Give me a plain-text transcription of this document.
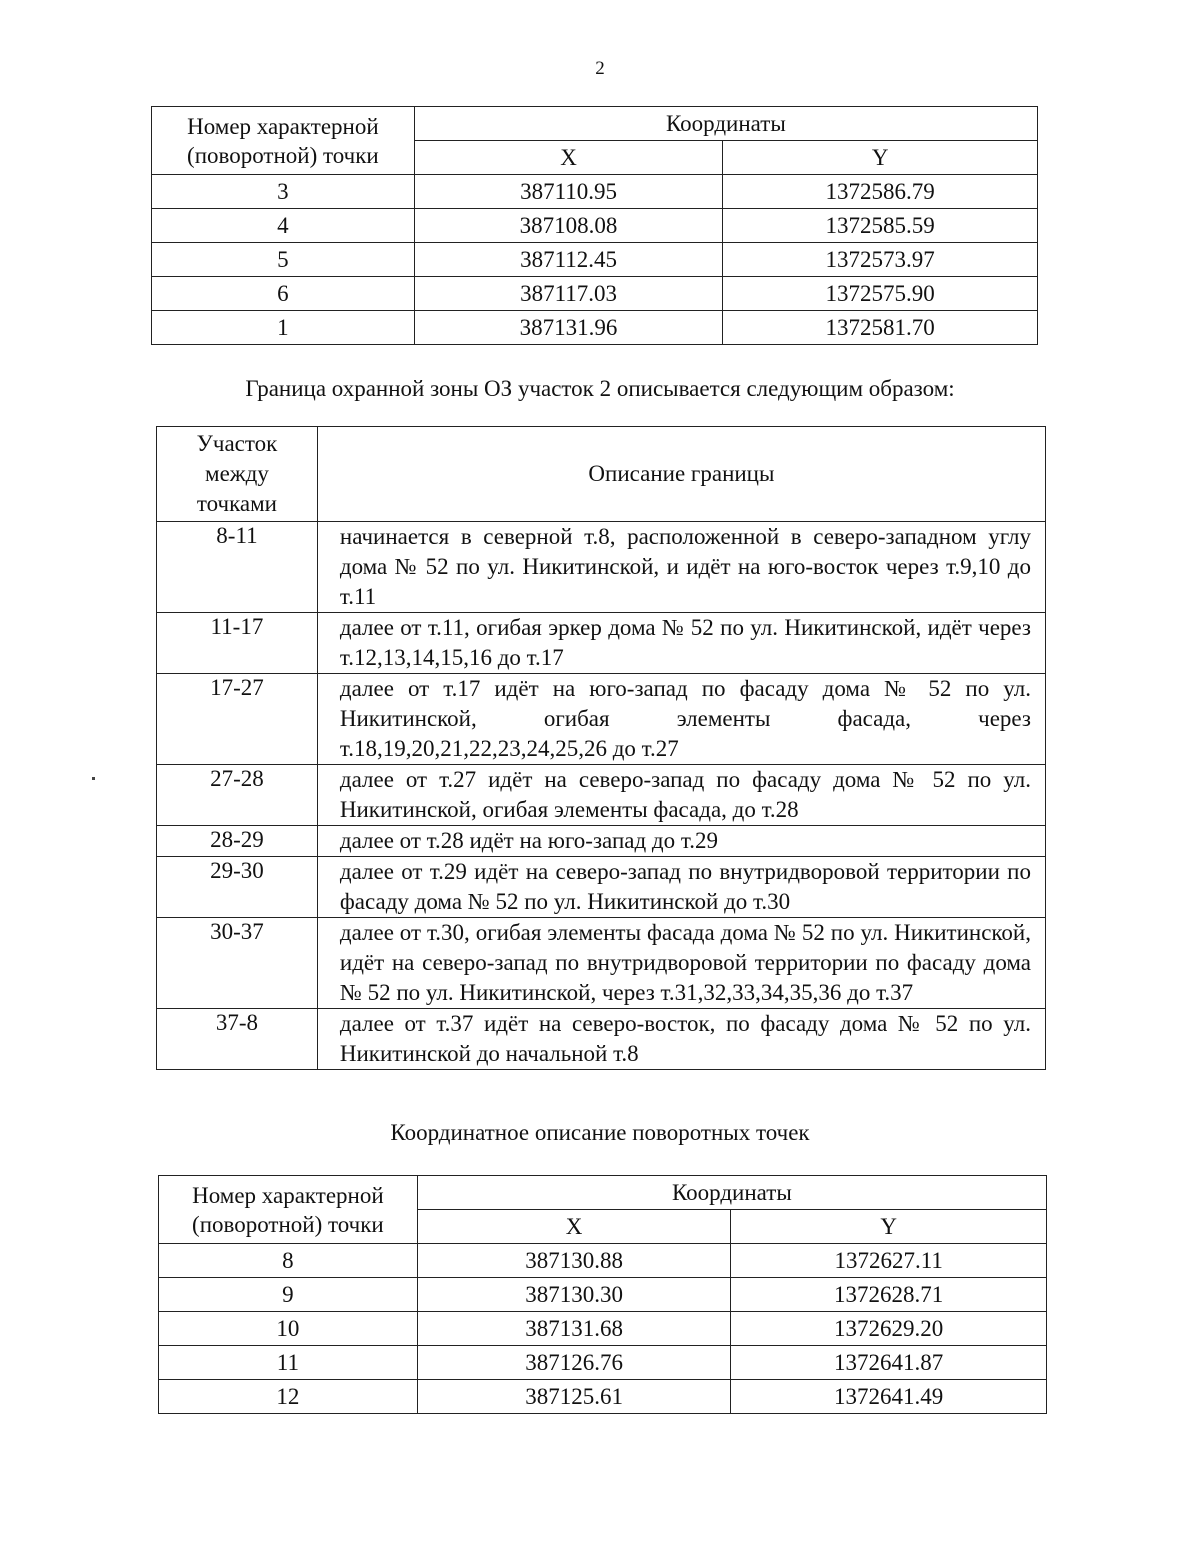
2
Номер характерной (поворотной) точки	Координаты	
	X	Y
3	387110.95	1372586.79
4	387108.08	1372585.59
5	387112.45	1372573.97
6	387117.03	1372575.90
1	387131.96	1372581.70
Граница охранной зоны ОЗ участок 2 описывается следующим образом:
Участок между точками	Описание границы
8-11	начинается в северной т.8, расположенной в северо-западном углу дома № 52 по ул. Никитинской, и идёт на юго-восток через т.9,10 до т.11
11-17	далее от т.11, огибая эркер дома № 52 по ул. Никитинской, идёт через т.12,13,14,15,16 до т.17
17-27	далее от т.17 идёт на юго-запад по фасаду дома № 52 по ул. Никитинской, огибая элементы фасада, через т.18,19,20,21,22,23,24,25,26 до т.27
27-28	далее от т.27 идёт на северо-запад по фасаду дома № 52 по ул. Никитинской, огибая элементы фасада, до т.28
28-29	далее от т.28 идёт на юго-запад до т.29
29-30	далее от т.29 идёт на северо-запад по внутридворовой территории по фасаду дома № 52 по ул. Никитинской до т.30
30-37	далее от т.30, огибая элементы фасада дома № 52 по ул. Никитинской, идёт на северо-запад по внутридворовой территории по фасаду дома № 52 по ул. Никитинской, через т.31,32,33,34,35,36 до т.37
37-8	далее от т.37 идёт на северо-восток, по фасаду дома № 52 по ул. Никитинской до начальной т.8
Координатное описание поворотных точек
Номер характерной (поворотной) точки	Координаты	
	X	Y
8	387130.88	1372627.11
9	387130.30	1372628.71
10	387131.68	1372629.20
11	387126.76	1372641.87
12	387125.61	1372641.49
